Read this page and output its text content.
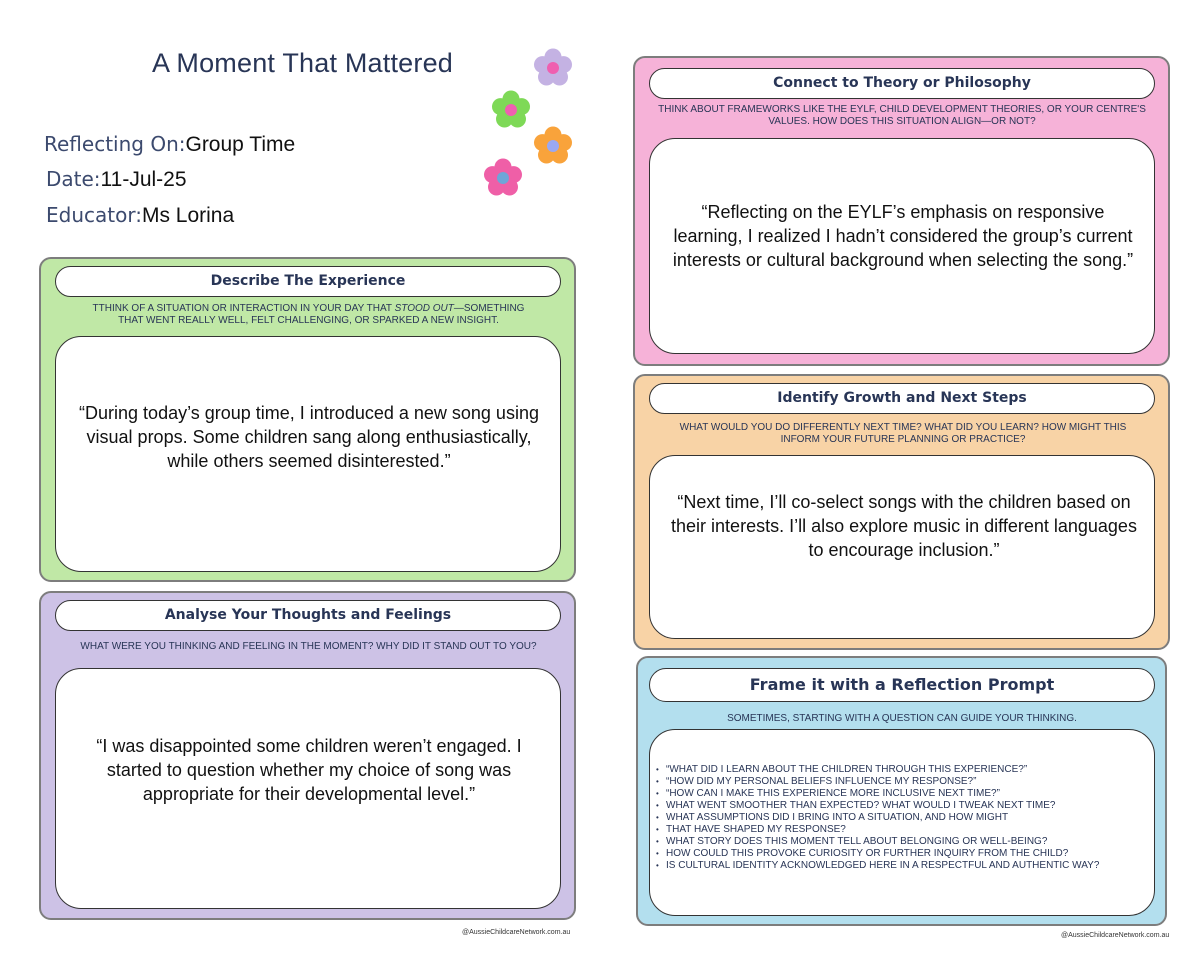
A Moment That Mattered
Reflecting On:Group Time
Date:11-Jul-25
Educator:Ms Lorina
Describe The Experience
TTHINK OF A SITUATION OR INTERACTION IN YOUR DAY THAT STOOD OUT—SOMETHING
THAT WENT REALLY WELL, FELT CHALLENGING, OR SPARKED A NEW INSIGHT.
“During today’s group time, I introduced a new song using visual props. Some children sang along enthusiastically, while others seemed disinterested.”
Analyse Your Thoughts and Feelings
WHAT WERE YOU THINKING AND FEELING IN THE MOMENT? WHY DID IT STAND OUT TO YOU?
“I was disappointed some children weren’t engaged. I started to question whether my choice of song was appropriate for their developmental level.”
@AussieChildcareNetwork.com.au
Connect to Theory or Philosophy
THINK ABOUT FRAMEWORKS LIKE THE EYLF, CHILD DEVELOPMENT THEORIES, OR YOUR CENTRE'S VALUES. HOW DOES THIS SITUATION ALIGN—OR NOT?
“Reflecting on the EYLF’s emphasis on responsive learning, I realized I hadn’t considered the group’s current interests or cultural background when selecting the song.”
Identify Growth and Next Steps
WHAT WOULD YOU DO DIFFERENTLY NEXT TIME? WHAT DID YOU LEARN? HOW MIGHT THIS INFORM YOUR FUTURE PLANNING OR PRACTICE?
“Next time, I’ll co-select songs with the children based on their interests. I’ll also explore music in different languages to encourage inclusion.”
Frame it with a Reflection Prompt
SOMETIMES, STARTING WITH A QUESTION CAN GUIDE YOUR THINKING.
• “WHAT DID I LEARN ABOUT THE CHILDREN THROUGH THIS EXPERIENCE?”
• “HOW DID MY PERSONAL BELIEFS INFLUENCE MY RESPONSE?”
• “HOW CAN I MAKE THIS EXPERIENCE MORE INCLUSIVE NEXT TIME?”
• WHAT WENT SMOOTHER THAN EXPECTED? WHAT WOULD I TWEAK NEXT TIME?
• WHAT ASSUMPTIONS DID I BRING INTO A SITUATION, AND HOW MIGHT
• THAT HAVE SHAPED MY RESPONSE?
• WHAT STORY DOES THIS MOMENT TELL ABOUT BELONGING OR WELL-BEING?
• HOW COULD THIS PROVOKE CURIOSITY OR FURTHER INQUIRY FROM THE CHILD?
• IS CULTURAL IDENTITY ACKNOWLEDGED HERE IN A RESPECTFUL AND AUTHENTIC WAY?
@AussieChildcareNetwork.com.au
